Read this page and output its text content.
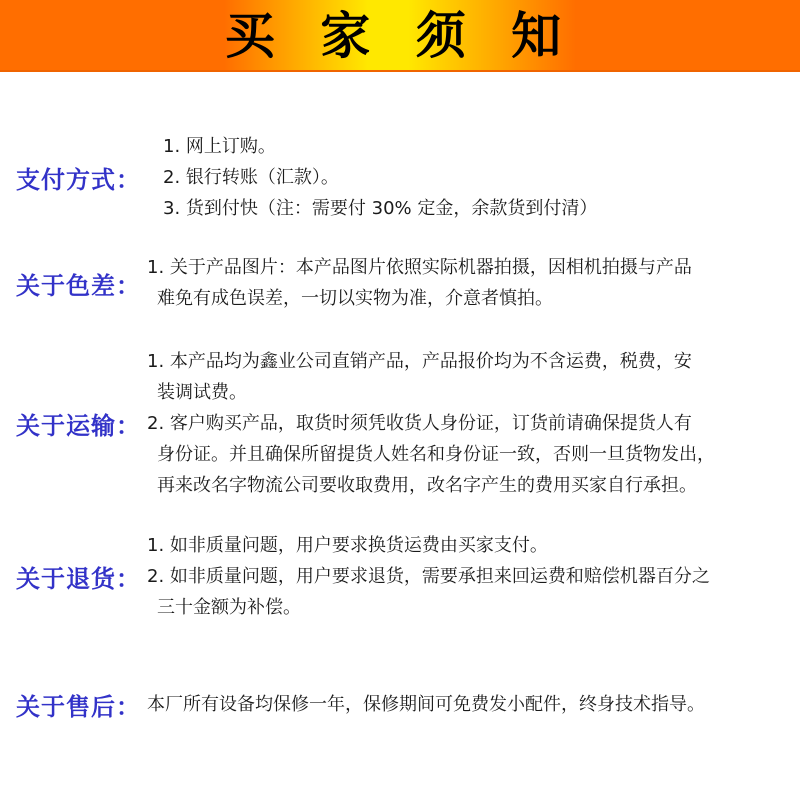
买 家 须 知
支付方式：
1. 网上订购。
2. 银行转账（汇款）。
3. 货到付快（注：需要付 30% 定金，余款货到付清）
关于色差：
1. 关于产品图片：本产品图片依照实际机器拍摄，因相机拍摄与产品
难免有成色误差，一切以实物为准，介意者慎拍。
关于运输：
1. 本产品均为鑫业公司直销产品，产品报价均为不含运费，税费，安
装调试费。
2. 客户购买产品，取货时须凭收货人身份证，订货前请确保提货人有
身份证。并且确保所留提货人姓名和身份证一致，否则一旦货物发出，
再来改名字物流公司要收取费用，改名字产生的费用买家自行承担。
关于退货：
1. 如非质量问题，用户要求换货运费由买家支付。
2. 如非质量问题，用户要求退货，需要承担来回运费和赔偿机器百分之
三十金额为补偿。
关于售后： 本厂所有设备均保修一年，保修期间可免费发小配件，终身技术指导。
